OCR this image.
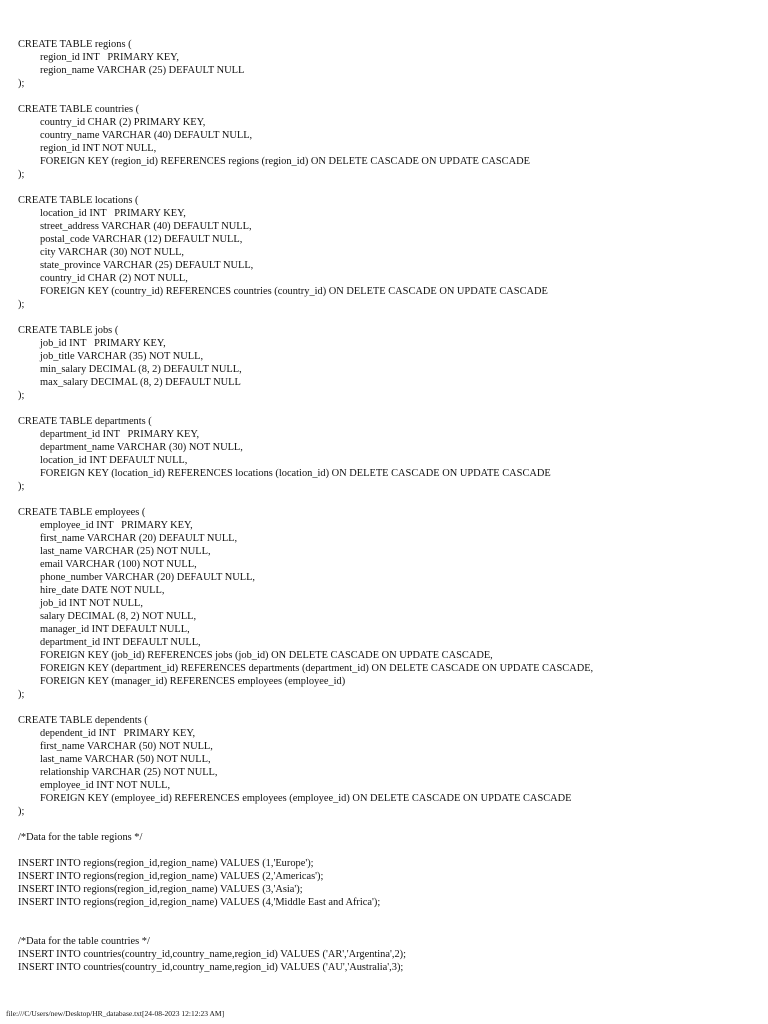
CREATE TABLE regions (
region_id INT   PRIMARY KEY,
region_name VARCHAR (25) DEFAULT NULL
);
CREATE TABLE countries (
country_id CHAR (2) PRIMARY KEY,
country_name VARCHAR (40) DEFAULT NULL,
region_id INT NOT NULL,
FOREIGN KEY (region_id) REFERENCES regions (region_id) ON DELETE CASCADE ON UPDATE CASCADE
);
CREATE TABLE locations (
location_id INT   PRIMARY KEY,
street_address VARCHAR (40) DEFAULT NULL,
postal_code VARCHAR (12) DEFAULT NULL,
city VARCHAR (30) NOT NULL,
state_province VARCHAR (25) DEFAULT NULL,
country_id CHAR (2) NOT NULL,
FOREIGN KEY (country_id) REFERENCES countries (country_id) ON DELETE CASCADE ON UPDATE CASCADE
);
CREATE TABLE jobs (
job_id INT   PRIMARY KEY,
job_title VARCHAR (35) NOT NULL,
min_salary DECIMAL (8, 2) DEFAULT NULL,
max_salary DECIMAL (8, 2) DEFAULT NULL
);
CREATE TABLE departments (
department_id INT   PRIMARY KEY,
department_name VARCHAR (30) NOT NULL,
location_id INT DEFAULT NULL,
FOREIGN KEY (location_id) REFERENCES locations (location_id) ON DELETE CASCADE ON UPDATE CASCADE
);
CREATE TABLE employees (
employee_id INT   PRIMARY KEY,
first_name VARCHAR (20) DEFAULT NULL,
last_name VARCHAR (25) NOT NULL,
email VARCHAR (100) NOT NULL,
phone_number VARCHAR (20) DEFAULT NULL,
hire_date DATE NOT NULL,
job_id INT NOT NULL,
salary DECIMAL (8, 2) NOT NULL,
manager_id INT DEFAULT NULL,
department_id INT DEFAULT NULL,
FOREIGN KEY (job_id) REFERENCES jobs (job_id) ON DELETE CASCADE ON UPDATE CASCADE,
FOREIGN KEY (department_id) REFERENCES departments (department_id) ON DELETE CASCADE ON UPDATE CASCADE,
FOREIGN KEY (manager_id) REFERENCES employees (employee_id)
);
CREATE TABLE dependents (
dependent_id INT   PRIMARY KEY,
first_name VARCHAR (50) NOT NULL,
last_name VARCHAR (50) NOT NULL,
relationship VARCHAR (25) NOT NULL,
employee_id INT NOT NULL,
FOREIGN KEY (employee_id) REFERENCES employees (employee_id) ON DELETE CASCADE ON UPDATE CASCADE
);
/*Data for the table regions */
INSERT INTO regions(region_id,region_name) VALUES (1,'Europe');
INSERT INTO regions(region_id,region_name) VALUES (2,'Americas');
INSERT INTO regions(region_id,region_name) VALUES (3,'Asia');
INSERT INTO regions(region_id,region_name) VALUES (4,'Middle East and Africa');
/*Data for the table countries */
INSERT INTO countries(country_id,country_name,region_id) VALUES ('AR','Argentina',2);
INSERT INTO countries(country_id,country_name,region_id) VALUES ('AU','Australia',3);
file:///C/Users/new/Desktop/HR_database.txt[24-08-2023 12:12:23 AM]
